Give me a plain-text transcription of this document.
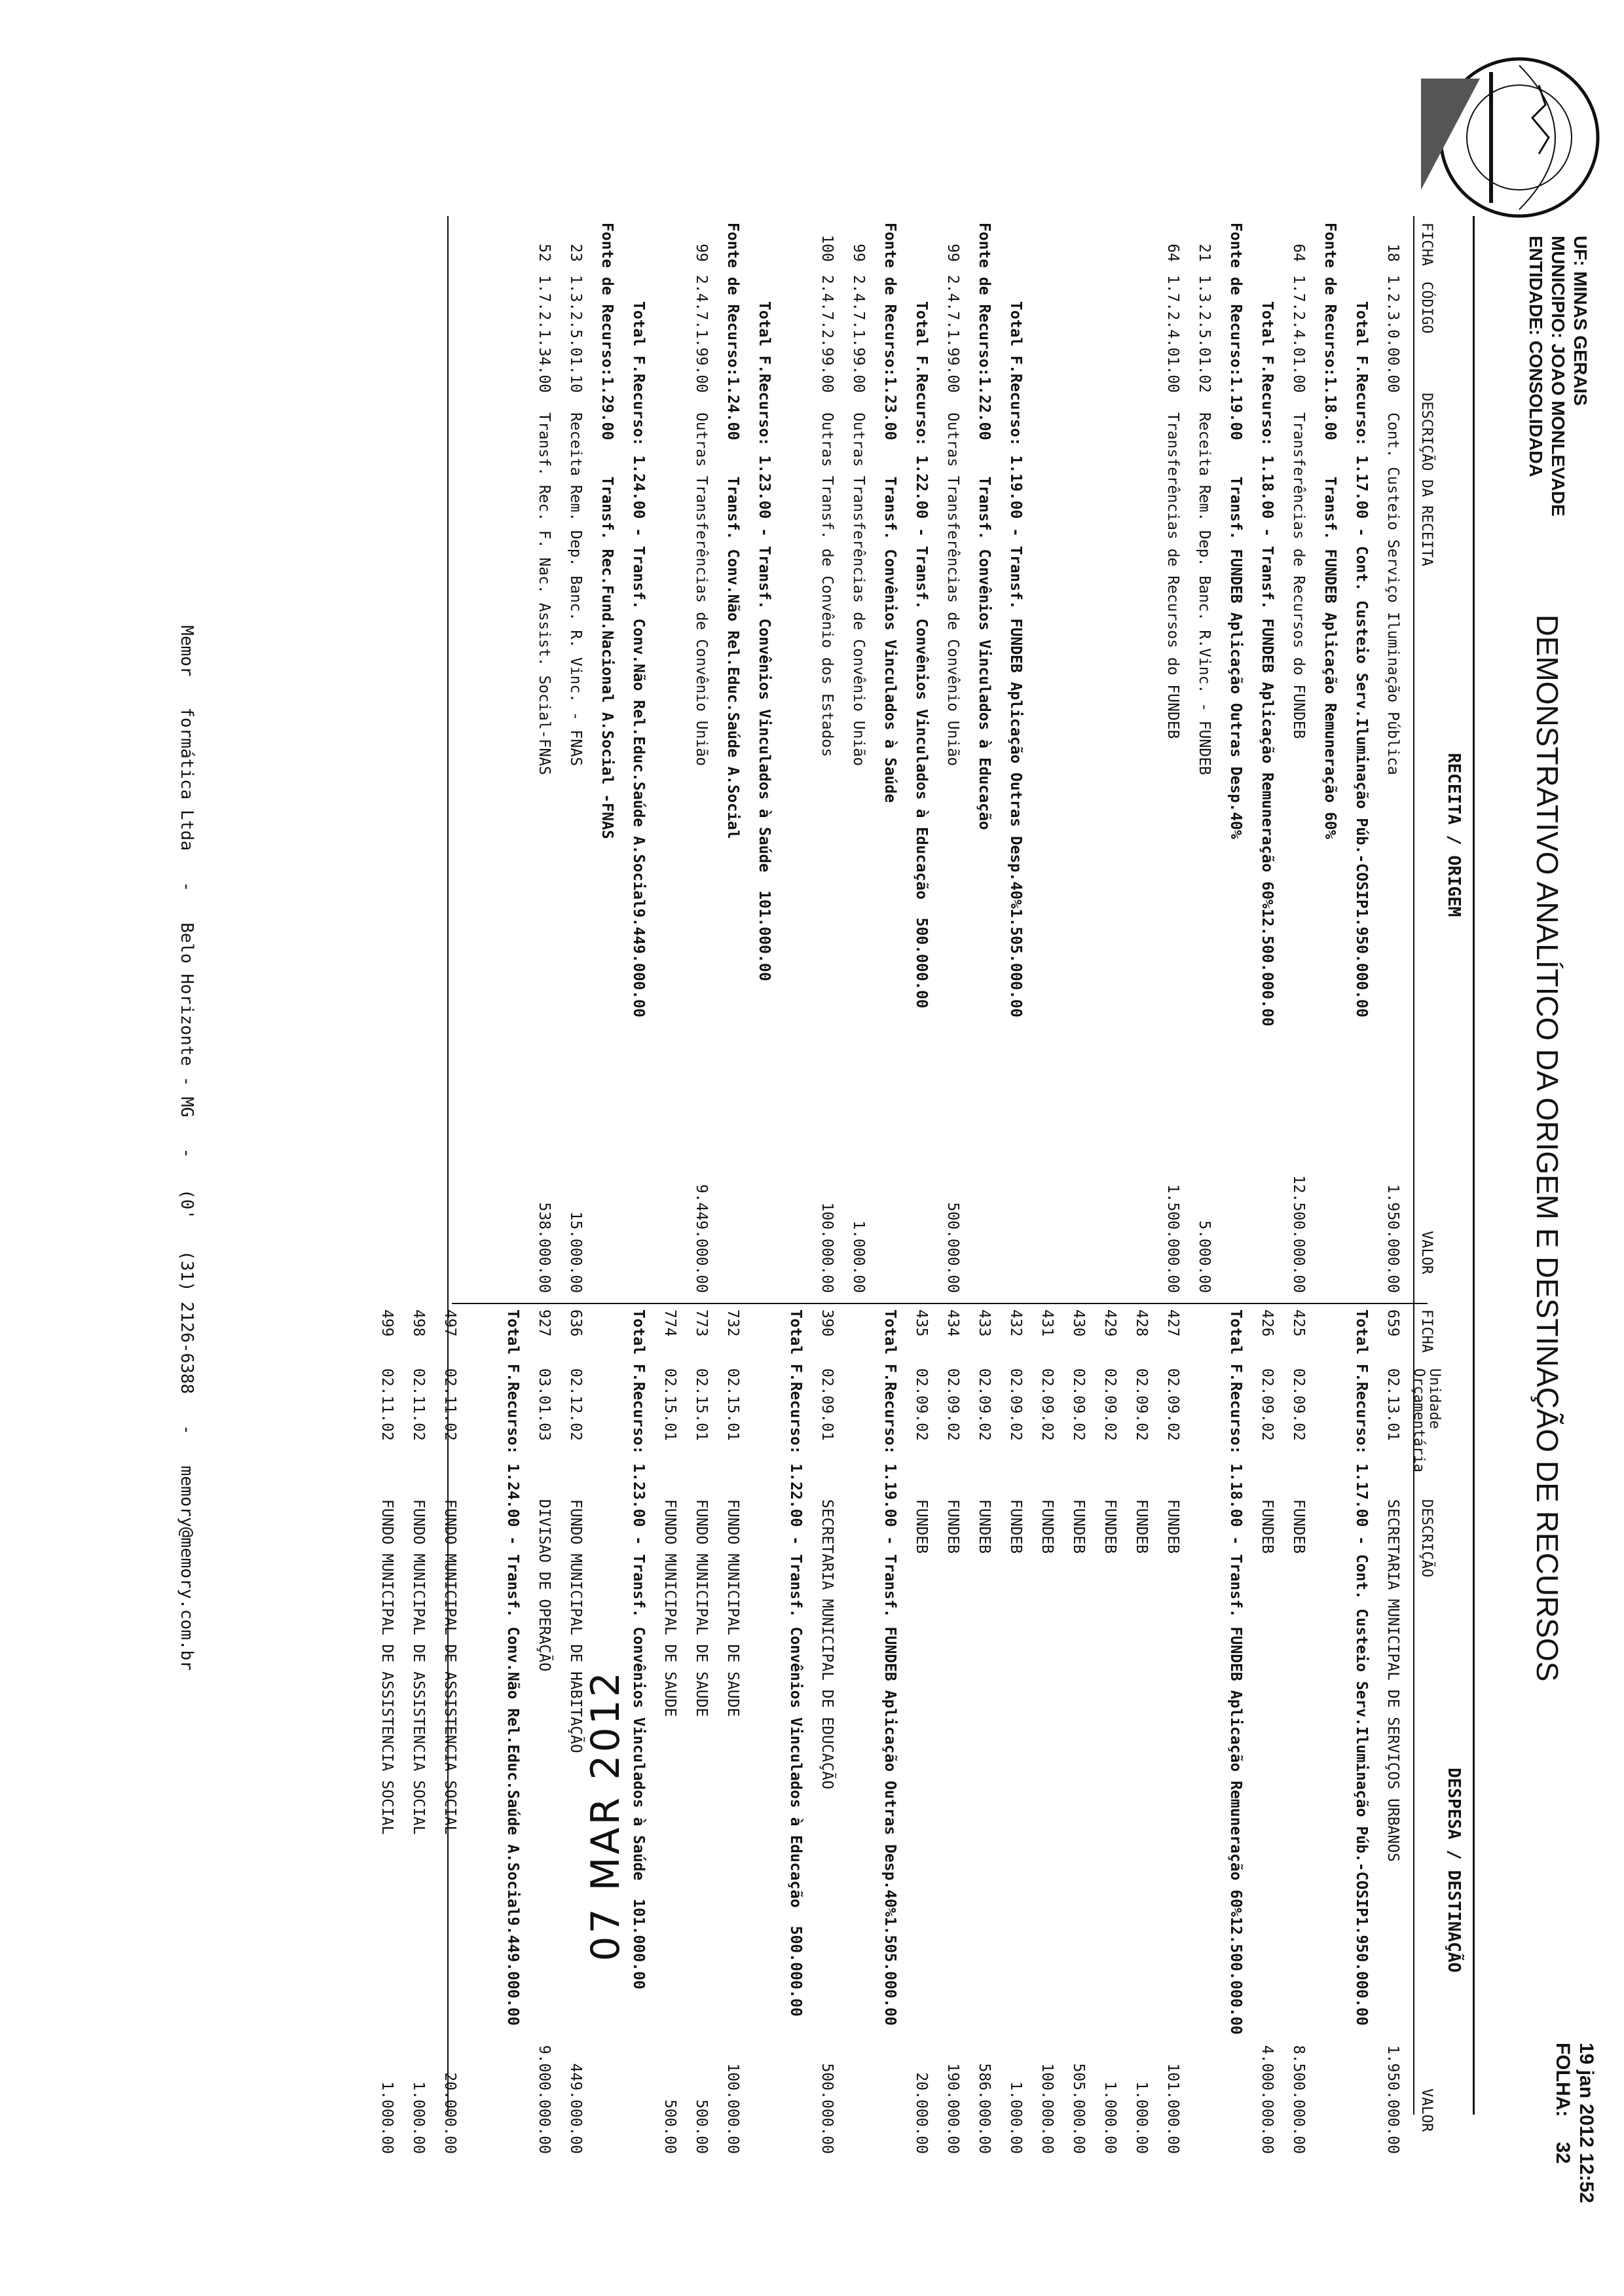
UF: MINAS GERAIS
MUNICIPIO: JOAO MONLEVADE
ENTIDADE: CONSOLIDADA
DEMONSTRATIVO ANALÍTICO DA ORIGEM E DESTINAÇÃO DE RECURSOS
19 jan 2012 12:52
FOLHA: 32
RECEITA / ORIGEM
DESPESA / DESTINAÇÃO
FICHA
CÓDIGO
DESCRIÇÃO DA RECEITA
VALOR
FICHA
Unidade
Orçamentária
DESCRIÇÃO
VALOR
07 MAR 2012
Memor   formática Ltda   -   Belo Horizonte - MG   -   (0'   (31) 2126-6388   -   memory@memory.com.br
18
1.2.3.0.00.00
Cont. Custeio Serviço Iluminação Pública
1.950.000.00
Total F.Recurso: 1.17.00 - Cont. Custeio Serv.Iluminação Púb.-COSIP1.950.000.00
Fonte de Recurso:1.18.00    Transf. FUNDEB Aplicação Remuneração 60%
64
1.7.2.4.01.00
Transferências de Recursos do FUNDEB
12.500.000.00
Total F.Recurso: 1.18.00 - Transf. FUNDEB Aplicação Remuneração 60%12.500.000.00
Fonte de Recurso:1.19.00    Transf. FUNDEB Aplicação Outras Desp.40%
21
1.3.2.5.01.02
Receita Rem. Dep. Banc. R.Vinc. - FUNDEB
5.000.00
64
1.7.2.4.01.00
Transferências de Recursos do FUNDEB
1.500.000.00
Total F.Recurso: 1.19.00 - Transf. FUNDEB Aplicação Outras Desp.40%1.505.000.00
Fonte de Recurso:1.22.00    Transf. Convênios Vinculados à Educação
99
2.4.7.1.99.00
Outras Transferências de Convênio União
500.000.00
Total F.Recurso: 1.22.00 - Transf. Convênios Vinculados à Educação  500.000.00
Fonte de Recurso:1.23.00    Transf. Convênios Vinculados à Saúde
99
2.4.7.1.99.00
Outras Transferências de Convênio União
1.000.00
100
2.4.7.2.99.00
Outras Transf. de Convênio dos Estados
100.000.00
Total F.Recurso: 1.23.00 - Transf. Convênios Vinculados à Saúde  101.000.00
Fonte de Recurso:1.24.00    Transf. Conv.Não Rel.Educ.Saúde A.Social
99
2.4.7.1.99.00
Outras Transferências de Convênio União
9.449.000.00
Total F.Recurso: 1.24.00 - Transf. Conv.Não Rel.Educ.Saúde A.Social9.449.000.00
Fonte de Recurso:1.29.00    Transf. Rec.Fund.Nacional A.Social -FNAS
23
1.3.2.5.01.10
Receita Rem. Dep. Banc. R. Vinc. - FNAS
15.000.00
52
1.7.2.1.34.00
Transf. Rec. F. Nac. Assist. Social-FNAS
538.000.00
659
02.13.01
SECRETARIA MUNICIPAL DE SERVIÇOS URBANOS
1.950.000.00
Total F.Recurso: 1.17.00 - Cont. Custeio Serv.Iluminação Púb.-COSIP1.950.000.00
425
02.09.02
FUNDEB
8.500.000.00
426
02.09.02
FUNDEB
4.000.000.00
Total F.Recurso: 1.18.00 - Transf. FUNDEB Aplicação Remuneração 60%12.500.000.00
427
02.09.02
FUNDEB
101.000.00
428
02.09.02
FUNDEB
1.000.00
429
02.09.02
FUNDEB
1.000.00
430
02.09.02
FUNDEB
505.000.00
431
02.09.02
FUNDEB
100.000.00
432
02.09.02
FUNDEB
1.000.00
433
02.09.02
FUNDEB
586.000.00
434
02.09.02
FUNDEB
190.000.00
435
02.09.02
FUNDEB
20.000.00
Total F.Recurso: 1.19.00 - Transf. FUNDEB Aplicação Outras Desp.40%1.505.000.00
390
02.09.01
SECRETARIA MUNICIPAL DE EDUCAÇÃO
500.000.00
Total F.Recurso: 1.22.00 - Transf. Convênios Vinculados à Educação  500.000.00
732
02.15.01
FUNDO MUNICIPAL DE SAUDE
100.000.00
773
02.15.01
FUNDO MUNICIPAL DE SAUDE
500.00
774
02.15.01
FUNDO MUNICIPAL DE SAUDE
500.00
Total F.Recurso: 1.23.00 - Transf. Convênios Vinculados à Saúde  101.000.00
636
02.12.02
FUNDO MUNICIPAL DE HABITAÇÃO
449.000.00
927
03.01.03
DIVISAO DE OPERAÇÃO
9.000.000.00
Total F.Recurso: 1.24.00 - Transf. Conv.Não Rel.Educ.Saúde A.Social9.449.000.00
497
02.11.02
FUNDO MUNICIPAL DE ASSISTENCIA SOCIAL
20.000.00
498
02.11.02
FUNDO MUNICIPAL DE ASSISTENCIA SOCIAL
1.000.00
499
02.11.02
FUNDO MUNICIPAL DE ASSISTENCIA SOCIAL
1.000.00
